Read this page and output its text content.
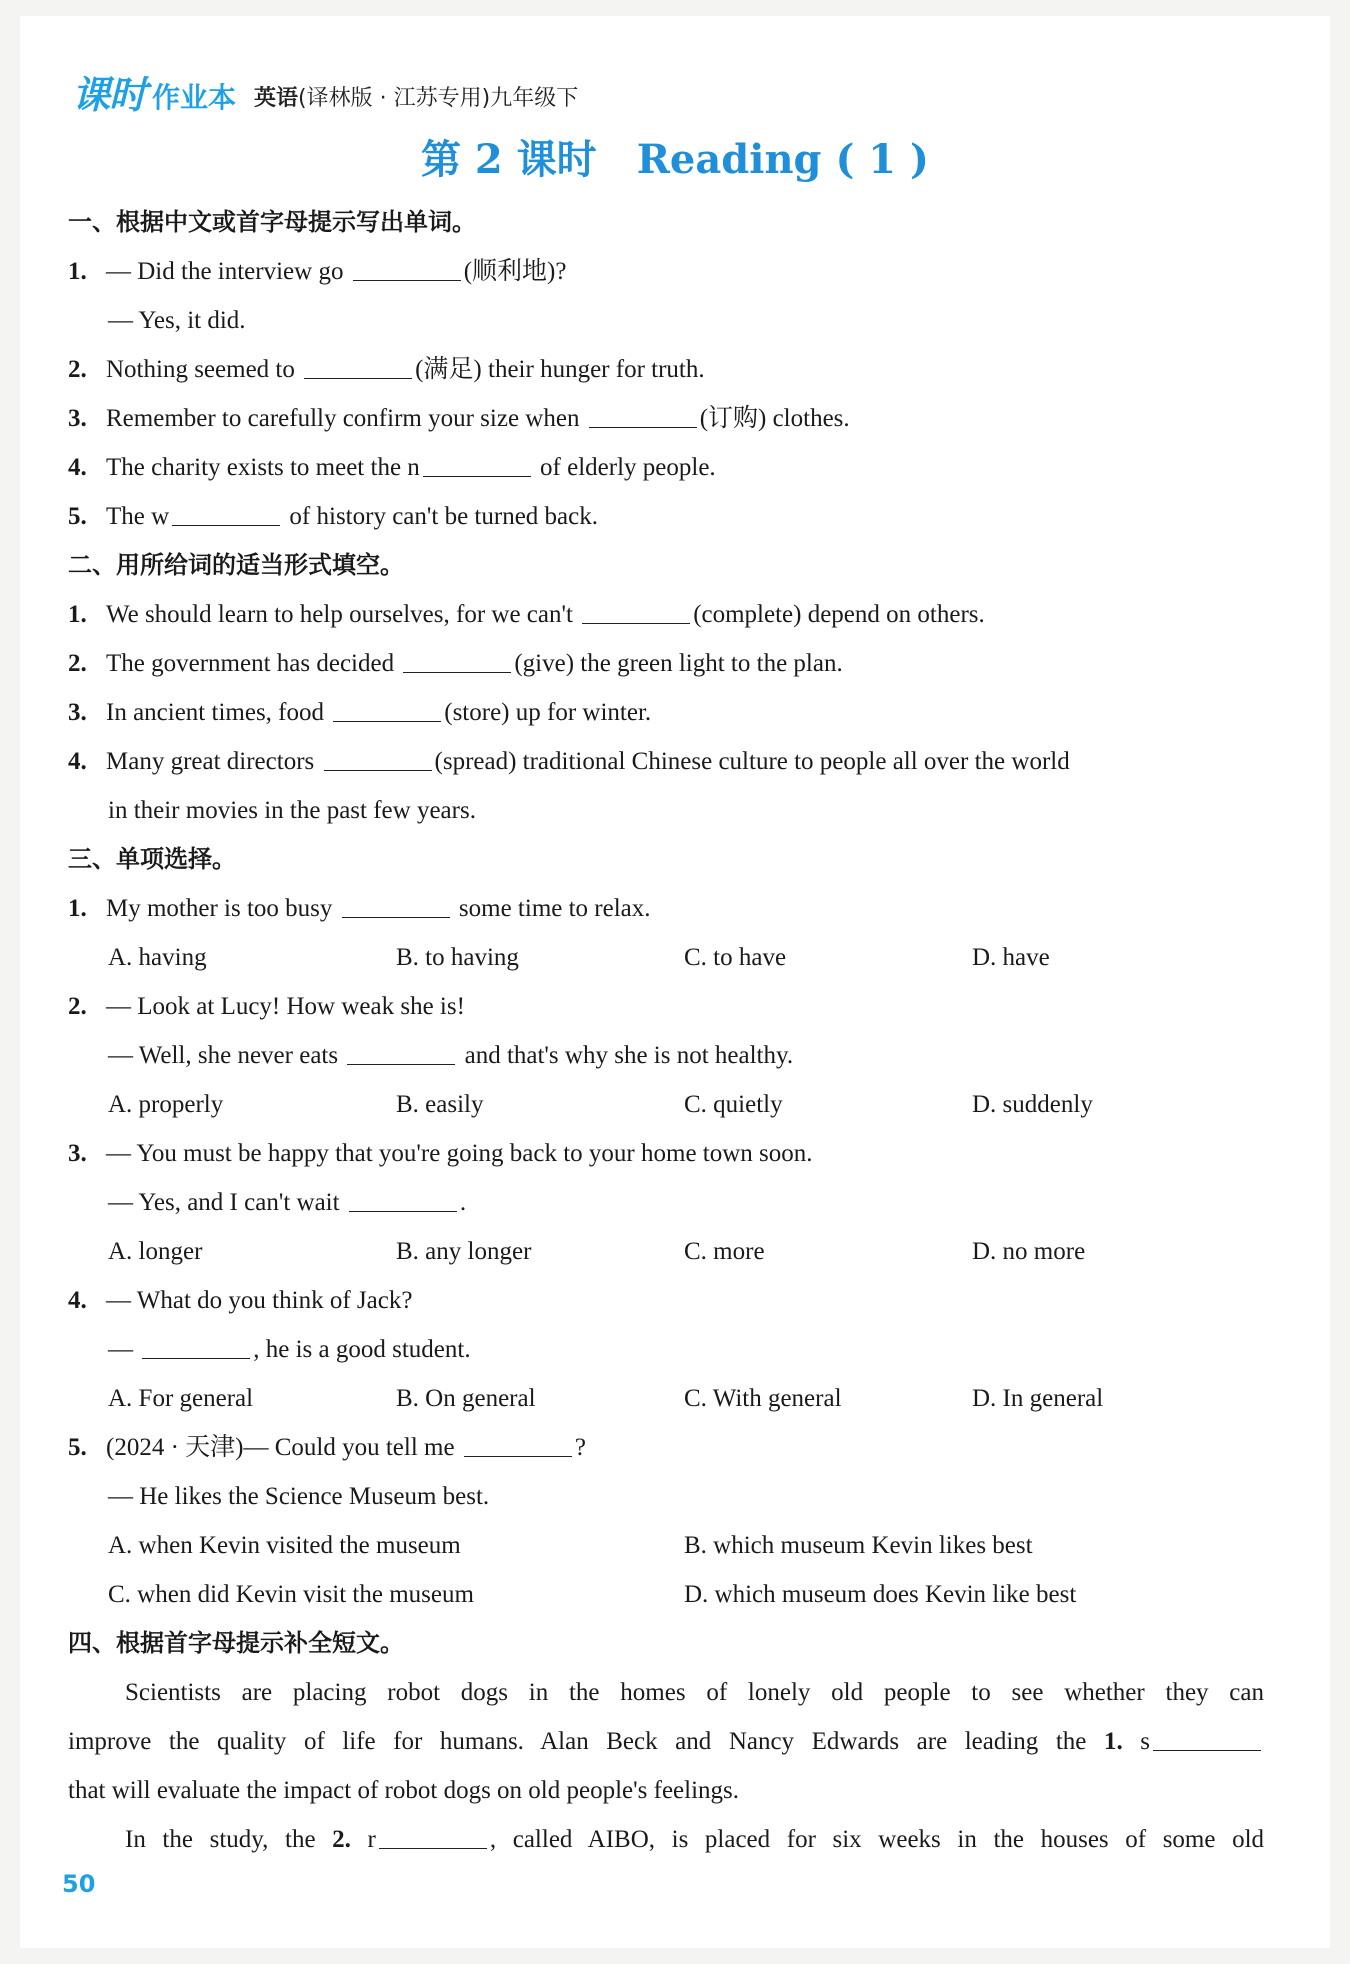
课时 作业本 英语(译林版 · 江苏专用)九年级下
第 2 课时 Reading ( 1 )
一、根据中文或首字母提示写出单词。
1. — Did the interview go	(顺利地)?
— Yes, it did.
2. Nothing seemed to	(满足) their hunger for truth.
3. Remember to carefully confirm your size when	(订购) clothes.
4. The charity exists to meet the n	of elderly people.
5. The w	of history can't be turned back.
二、用所给词的适当形式填空。
1. We should learn to help ourselves, for we can't	(complete) depend on others.
2. The government has decided	(give) the green light to the plan.
3. In ancient times, food	(store) up for winter.
4. Many great directors	(spread) traditional Chinese culture to people all over the world
in their movies in the past few years.
三、单项选择。
1. My mother is too busy	some time to relax.
A. having	B. to having	C. to have	D. have
2. — Look at Lucy! How weak she is!
— Well, she never eats	and that's why she is not healthy.
A. properly	B. easily	C. quietly	D. suddenly
3. — You must be happy that you're going back to your home town soon.
— Yes, and I can't wait	.
A. longer	B. any longer	C. more	D. no more
4. — What do you think of Jack?
—	, he is a good student.
A. For general	B. On general	C. With general	D. In general
5. (2024 · 天津)— Could you tell me	?
— He likes the Science Museum best.
A. when Kevin visited the museum	B. which museum Kevin likes best
C. when did Kevin visit the museum	D. which museum does Kevin like best
四、根据首字母提示补全短文。
Scientists are placing robot dogs in the homes of lonely old people to see whether they can
improve the quality of life for humans. Alan Beck and Nancy Edwards are leading the 1. s
that will evaluate the impact of robot dogs on old people's feelings.
In the study, the 2. r	, called AIBO, is placed for six weeks in the houses of some old
50
